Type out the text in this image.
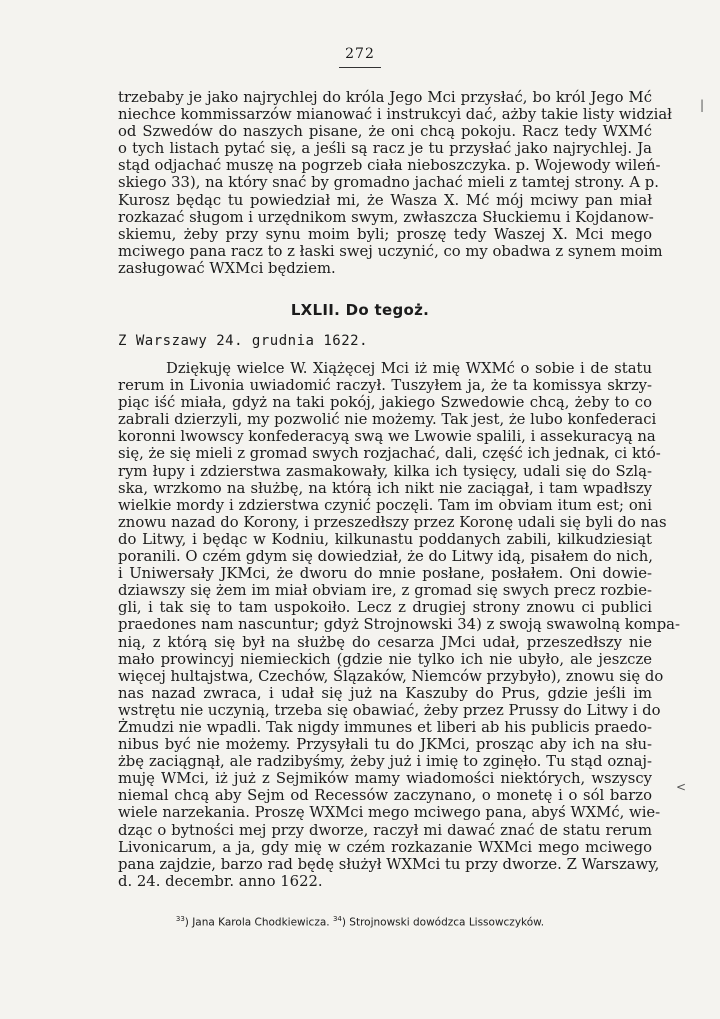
272
trzebaby je jako najrychlej do króla Jego Mci przysłać, bo król Jego Mć
niechce kommissarzów mianować i instrukcyi dać, ażby takie listy widział
od Szwedów do naszych pisane, że oni chcą pokoju. Racz tedy WXMć
o tych listach pytać się, a jeśli są racz je tu przysłać jako najrychlej. Ja
stąd odjachać muszę na pogrzeb ciała nieboszczyka. p. Wojewody wileń-
skiego 33), na który snać by gromadno jachać mieli z tamtej strony. A p.
Kurosz będąc tu powiedział mi, że Wasza X. Mć mój mciwy pan miał
rozkazać sługom i urzędnikom swym, zwłaszcza Słuckiemu i Kojdanow-
skiemu, żeby przy synu moim byli; proszę tedy Waszej X. Mci mego
mciwego pana racz to z łaski swej uczynić, co my obadwa z synem moim
zasługować WXMci będziem.
LXLII. Do tegoż.
Z Warszawy 24. grudnia 1622.
Dziękuję wielce W. Xiążęcej Mci iż mię WXMć o sobie i de statu
rerum in Livonia uwiadomić raczył. Tuszyłem ja, że ta komissya skrzy-
piąc iść miała, gdyż na taki pokój, jakiego Szwedowie chcą, żeby to co
zabrali dzierzyli, my pozwolić nie możemy. Tak jest, że lubo konfederaci
koronni lwowscy konfederacyą swą we Lwowie spalili, i assekuracyą na
się, że się mieli z gromad swych rozjachać, dali, część ich jednak, ci któ-
rym łupy i zdzierstwa zasmakowały, kilka ich tysięcy, udali się do Szlą-
ska, wrzkomo na służbę, na którą ich nikt nie zaciągał, i tam wpadłszy
wielkie mordy i zdzierstwa czynić poczęli. Tam im obviam itum est; oni
znowu nazad do Korony, i przeszedłszy przez Koronę udali się byli do nas
do Litwy, i będąc w Kodniu, kilkunastu poddanych zabili, kilkudziesiąt
poranili. O czém gdym się dowiedział, że do Litwy idą, pisałem do nich,
i Uniwersały JKMci, że dworu do mnie posłane, posłałem. Oni dowie-
dziawszy się żem im miał obviam ire, z gromad się swych precz rozbie-
gli, i tak się to tam uspokoiło. Lecz z drugiej strony znowu ci publici
praedones nam nascuntur; gdyż Strojnowski 34) z swoją swawolną kompa-
nią, z którą się był na służbę do cesarza JMci udał, przeszedłszy nie
mało prowincyj niemieckich (gdzie nie tylko ich nie ubyło, ale jeszcze
więcej hultajstwa, Czechów, Ślązaków, Niemców przybyło), znowu się do
nas nazad zwraca, i udał się już na Kaszuby do Prus, gdzie jeśli im
wstrętu nie uczynią, trzeba się obawiać, żeby przez Prussy do Litwy i do
Żmudzi nie wpadli. Tak nigdy immunes et liberi ab his publicis praedo-
nibus być nie możemy. Przysyłali tu do JKMci, prosząc aby ich na słu-
żbę zaciągnął, ale radzibyśmy, żeby już i imię to zginęło. Tu stąd oznaj-
muję WMci, iż już z Sejmików mamy wiadomości niektórych, wszyscy
niemal chcą aby Sejm od Recessów zaczynano, o monetę i o sól barzo
wiele narzekania. Proszę WXMci mego mciwego pana, abyś WXMć, wie-
dząc o bytności mej przy dworze, raczył mi dawać znać de statu rerum
Livonicarum, a ja, gdy mię w czém rozkazanie WXMci mego mciwego
pana zajdzie, barzo rad będę służył WXMci tu przy dworze. Z Warszawy,
d. 24. decembr. anno 1622.
$^{33}$) Jana Karola Chodkiewicza. $^{34}$) Strojnowski dowódzca Lissowczyków.
|
<
